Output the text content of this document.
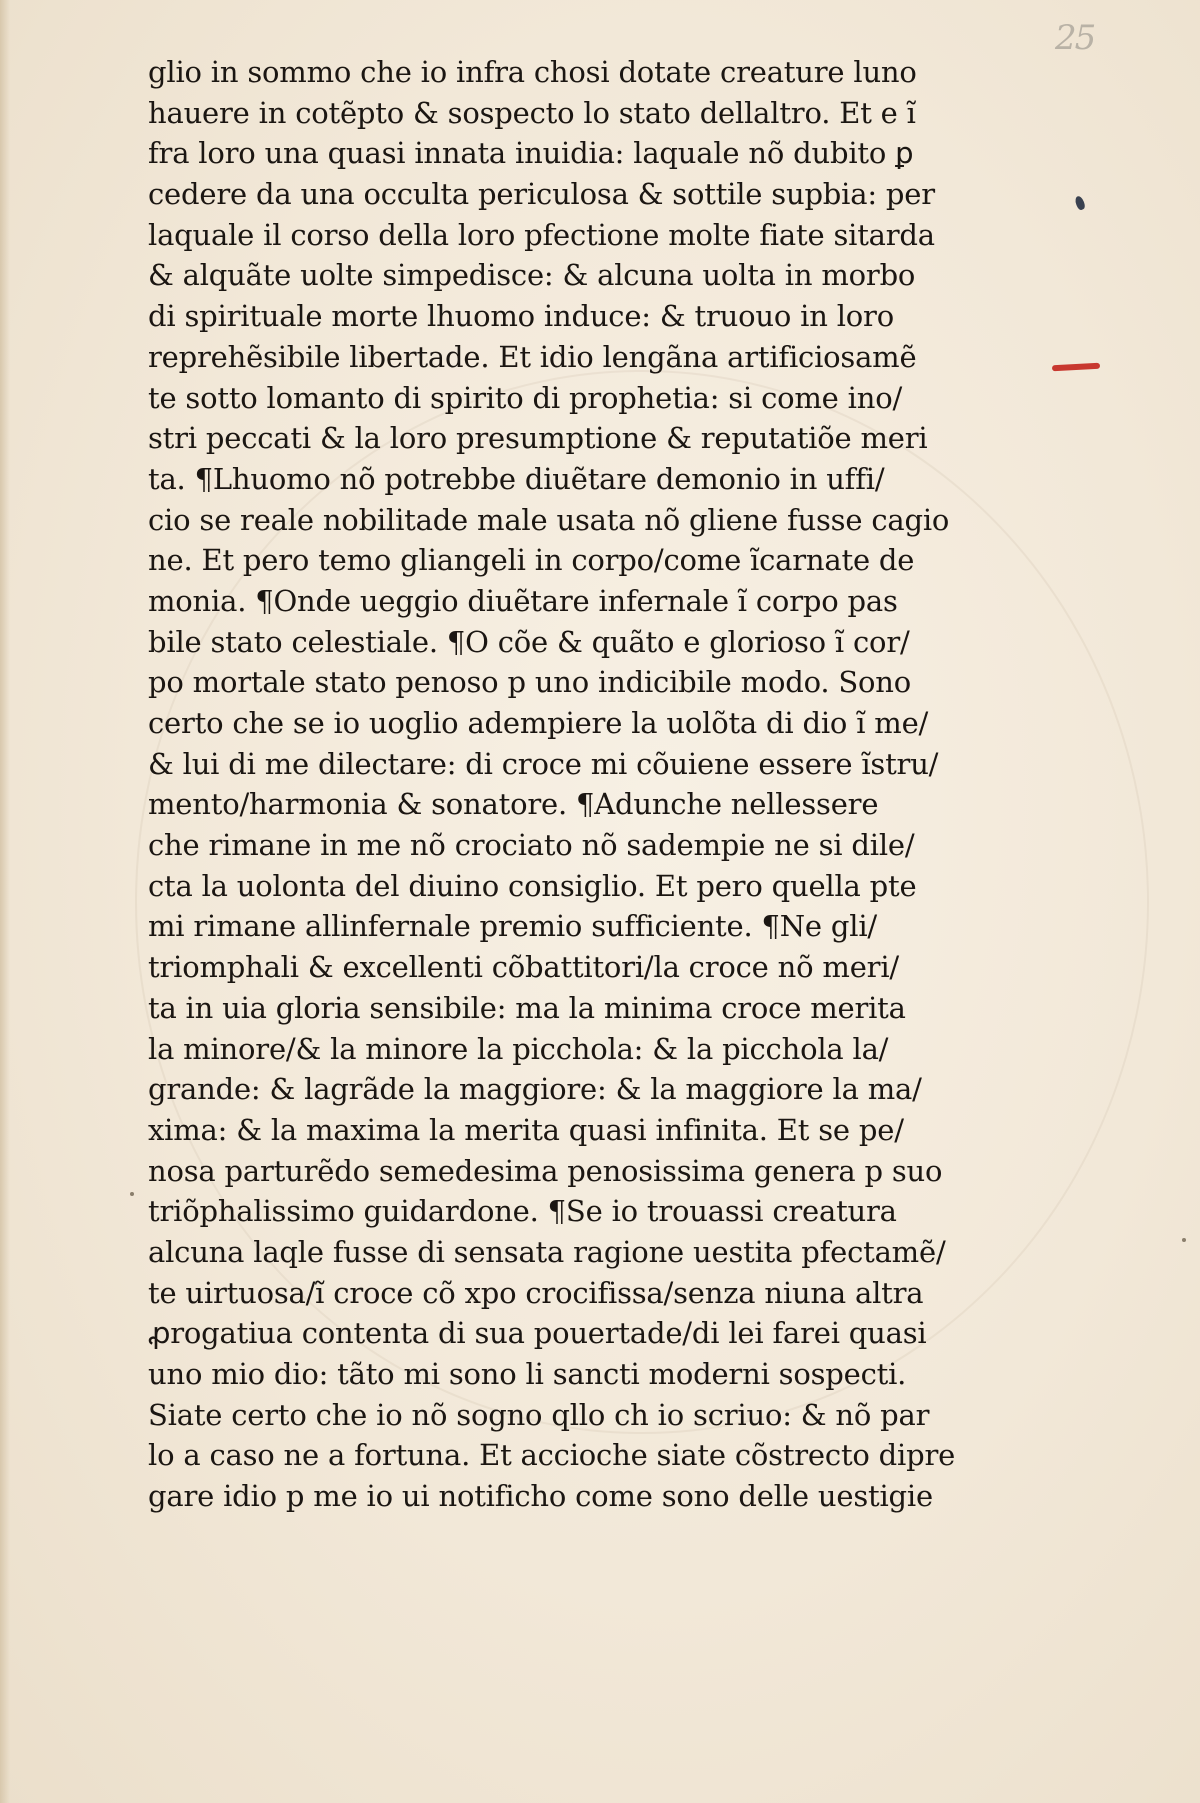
25
glio in sommo che io infra chosi dotate creature luno
hauere in cotẽpto & sospecto lo stato dellaltro. Et e ĩ
fra loro una quasi innata inuidia: laquale nõ dubito ꝑ
cedere da una occulta periculosa & sottile supbia: per
laquale il corso della loro pfectione molte fiate sitarda
& alquãte uolte simpedisce: & alcuna uolta in morbo
di spirituale morte lhuomo induce: & truouo in loro
reprehẽsibile libertade. Et idio lengãna artificiosamẽ
te sotto lomanto di spirito di prophetia: si come ino/
stri peccati & la loro presumptione & reputatiõe meri
ta. ¶Lhuomo nõ potrebbe diuẽtare demonio in uffi/
cio se reale nobilitade male usata nõ gliene fusse cagio
ne. Et pero temo gliangeli in corpo/come ĩcarnate de
monia. ¶Onde ueggio diuẽtare infernale ĩ corpo pas
bile stato celestiale. ¶O cõe & quãto e glorioso ĩ cor/
po mortale stato penoso p uno indicibile modo. Sono
certo che se io uoglio adempiere la uolõta di dio ĩ me/
& lui di me dilectare: di croce mi cõuiene essere ĩstru/
mento/harmonia & sonatore. ¶Adunche nellessere
che rimane in me nõ crociato nõ sadempie ne si dile/
cta la uolonta del diuino consiglio. Et pero quella pte
mi rimane allinfernale premio sufficiente. ¶Ne gli/
triomphali & excellenti cõbattitori/la croce nõ meri/
ta in uia gloria sensibile: ma la minima croce merita
la minore/& la minore la picchola: & la picchola la/
grande: & lagrãde la maggiore: & la maggiore la ma/
xima: & la maxima la merita quasi infinita. Et se pe/
nosa parturẽdo semedesima penosissima genera p suo
triõphalissimo guidardone. ¶Se io trouassi creatura
alcuna laqle fusse di sensata ragione uestita pfectamẽ/
te uirtuosa/ĩ croce cõ xpo crocifissa/senza niuna altra
ꝓrogatiua contenta di sua pouertade/di lei farei quasi
uno mio dio: tãto mi sono li sancti moderni sospecti.
Siate certo che io nõ sogno qllo ch io scriuo: & nõ par
lo a caso ne a fortuna. Et accioche siate cõstrecto dipre
gare idio p me io ui notificho come sono delle uestigie
